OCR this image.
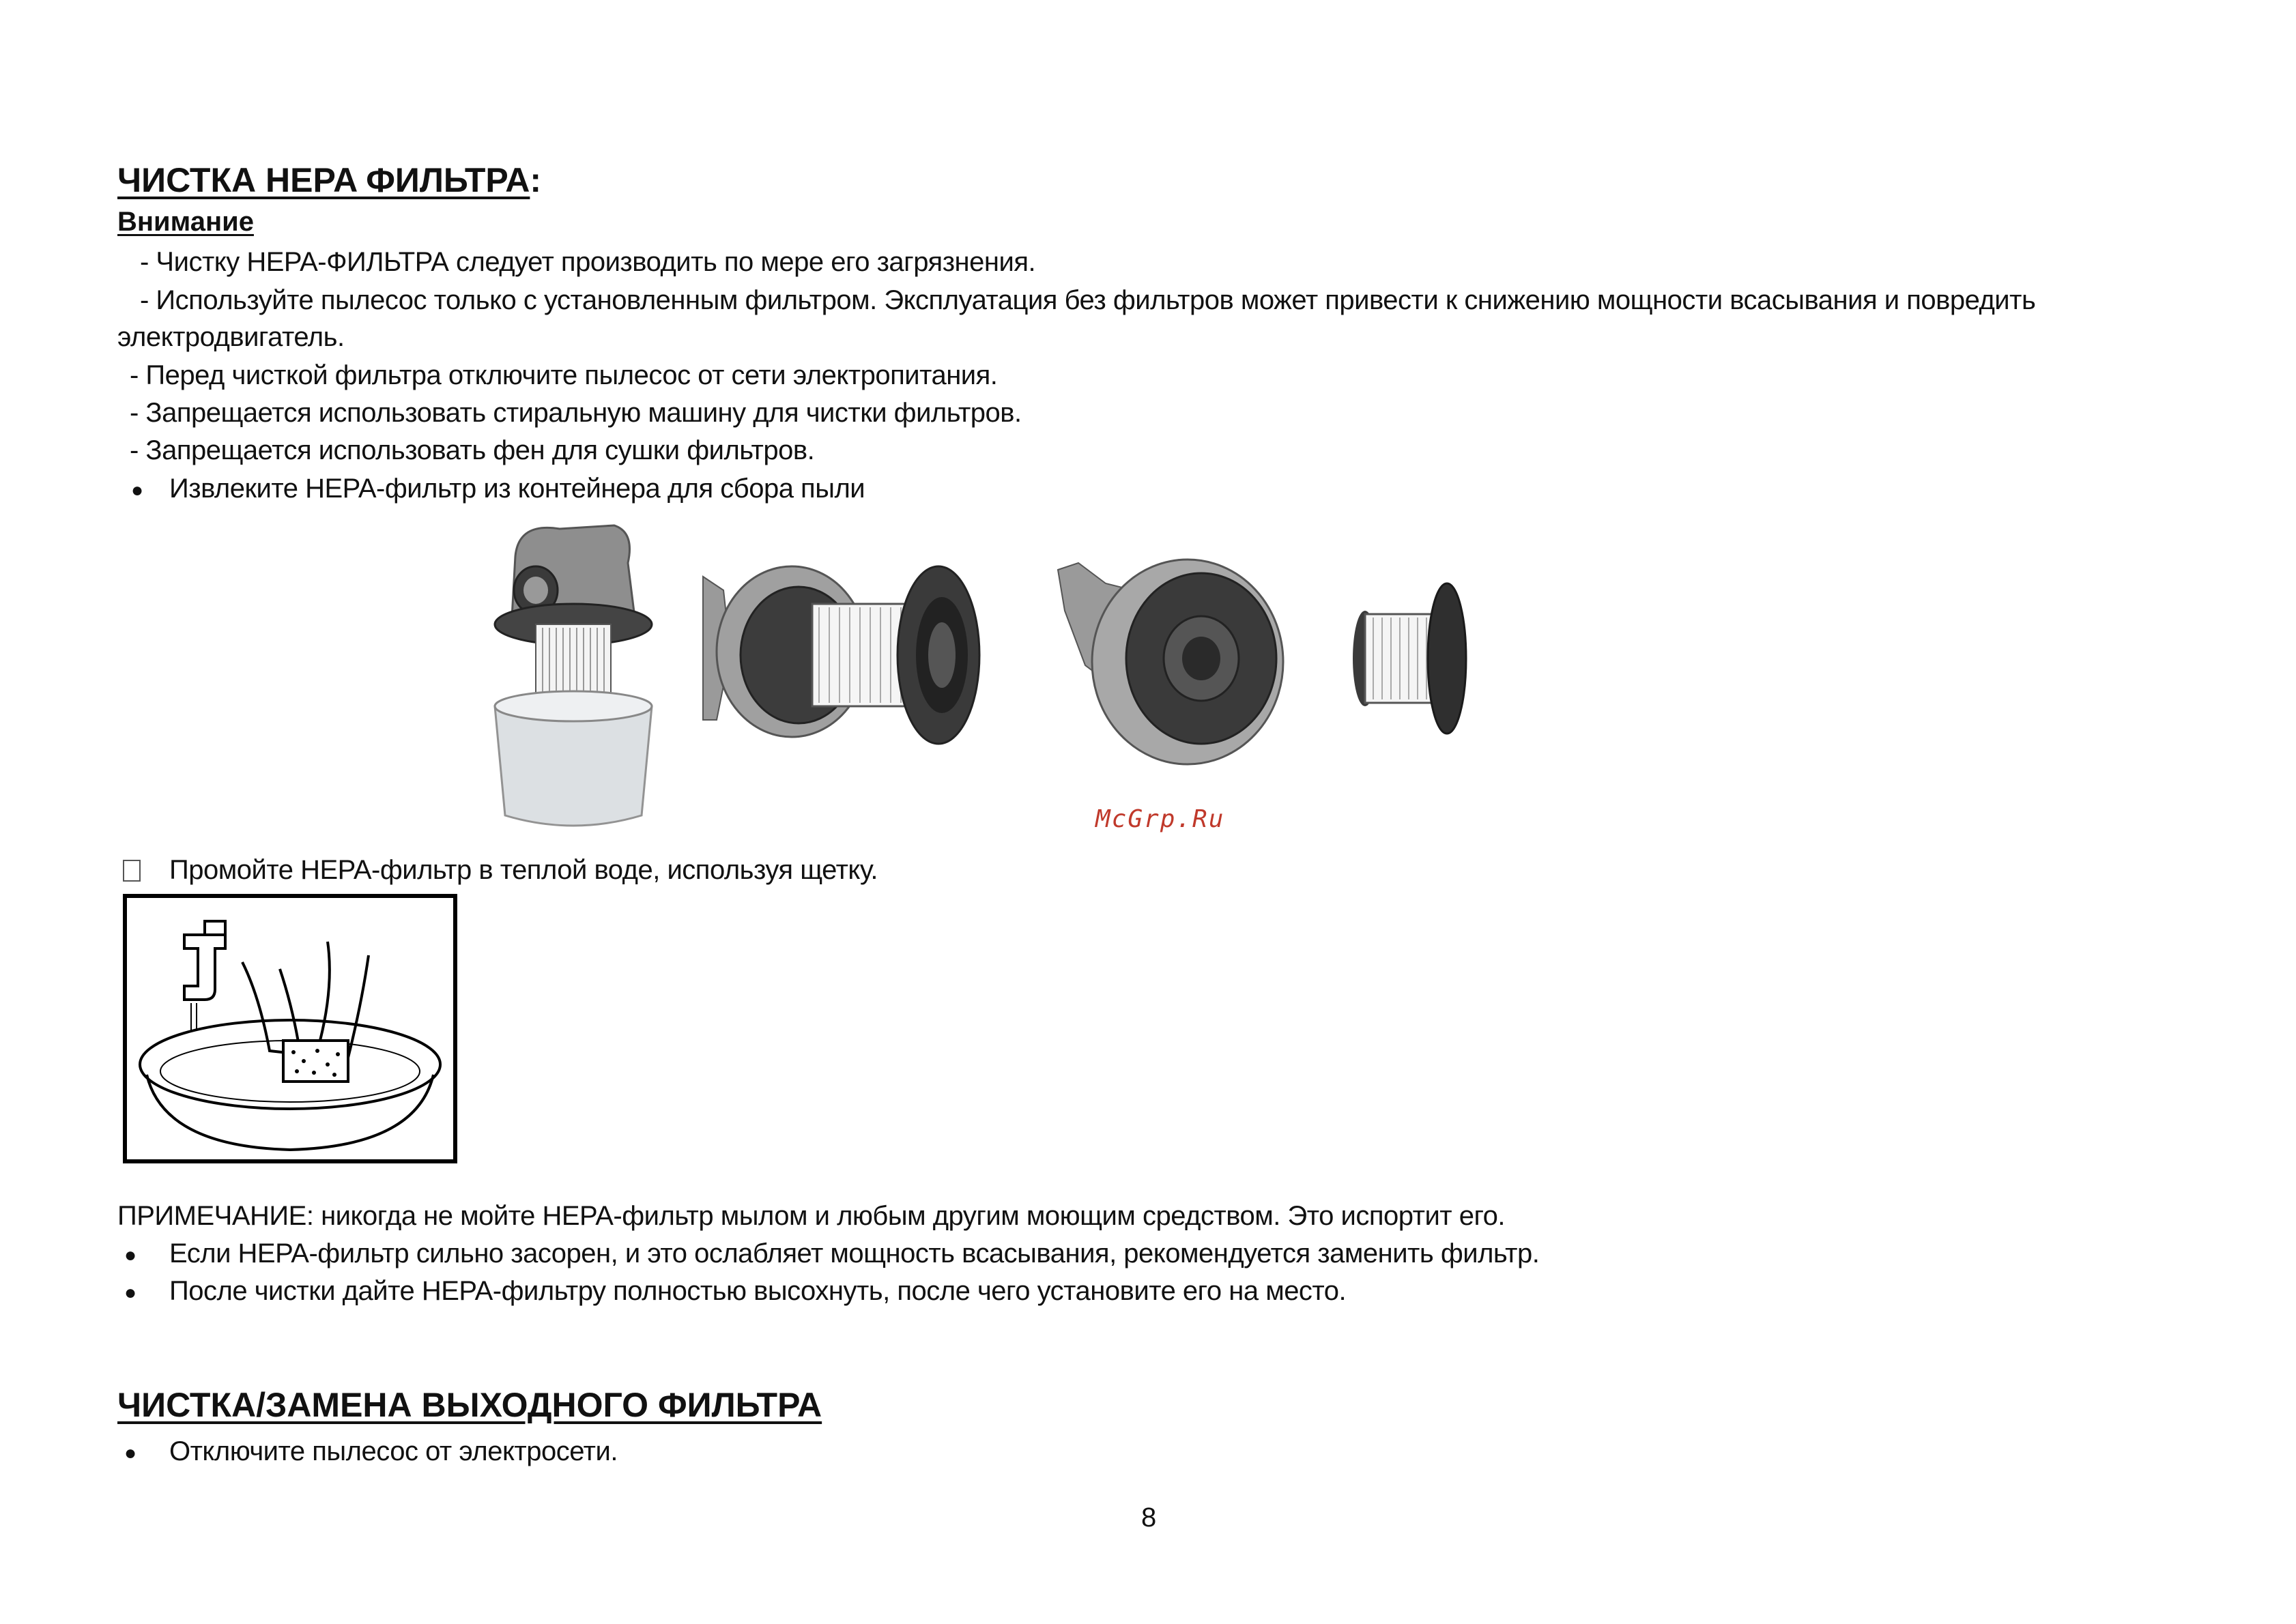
ЧИСТКА HEPA ФИЛЬТРА:
Внимание
- Чистку HEPA-ФИЛЬТРА следует производить по мере его загрязнения.
- Используйте пылесос только с установленным фильтром. Эксплуатация без фильтров может привести к снижению мощности всасывания и повредить
электродвигатель.
- Перед чисткой фильтра отключите пылесос от сети электропитания.
- Запрещается использовать стиральную машину для чистки фильтров.
- Запрещается использовать фен для сушки фильтров.
● Извлеките HEPA-фильтр из контейнера для сбора пыли
McGrp.Ru
Промойте HEPA-фильтр в теплой воде, используя щетку.
ПРИМЕЧАНИЕ: никогда не мойте HEPA-фильтр мылом и любым другим моющим средством. Это испортит его.
● Если HEPA-фильтр сильно засорен, и это ослабляет мощность всасывания, рекомендуется заменить фильтр.
● После чистки дайте HEPA-фильтру полностью высохнуть, после чего установите его на место.
ЧИСТКА/ЗАМЕНА ВЫХОДНОГО ФИЛЬТРА
● Отключите пылесос от электросети.
8
